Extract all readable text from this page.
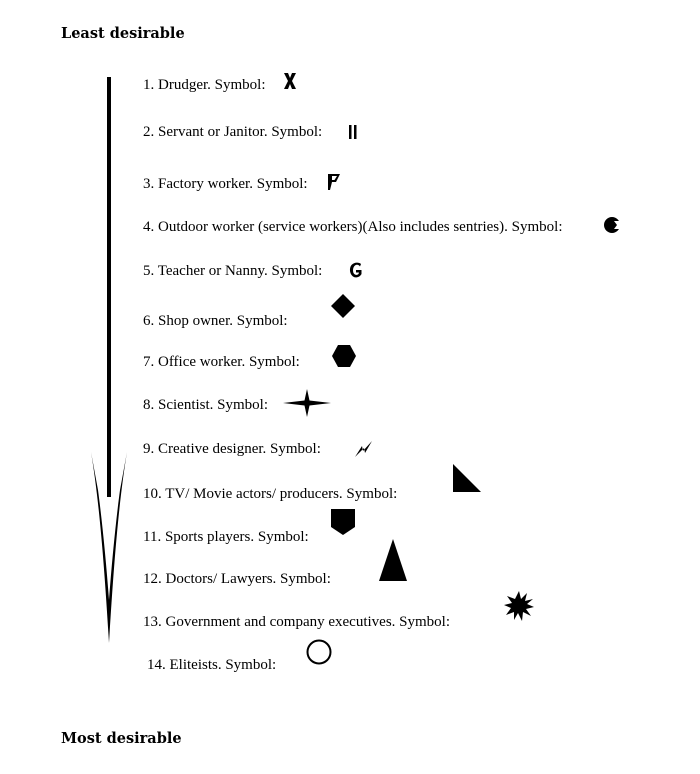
Least desirable
1. Drudger. Symbol:
2. Servant or Janitor. Symbol:
3. Factory worker. Symbol:
4. Outdoor worker (service workers)(Also includes sentries). Symbol:
5. Teacher or Nanny. Symbol:
6. Shop owner. Symbol:
7. Office worker. Symbol:
8. Scientist. Symbol:
9. Creative designer. Symbol:
10. TV/ Movie actors/ producers. Symbol:
11. Sports players. Symbol:
12. Doctors/ Lawyers. Symbol:
13. Government and company executives. Symbol:
14. Eliteists. Symbol:
Most desirable
